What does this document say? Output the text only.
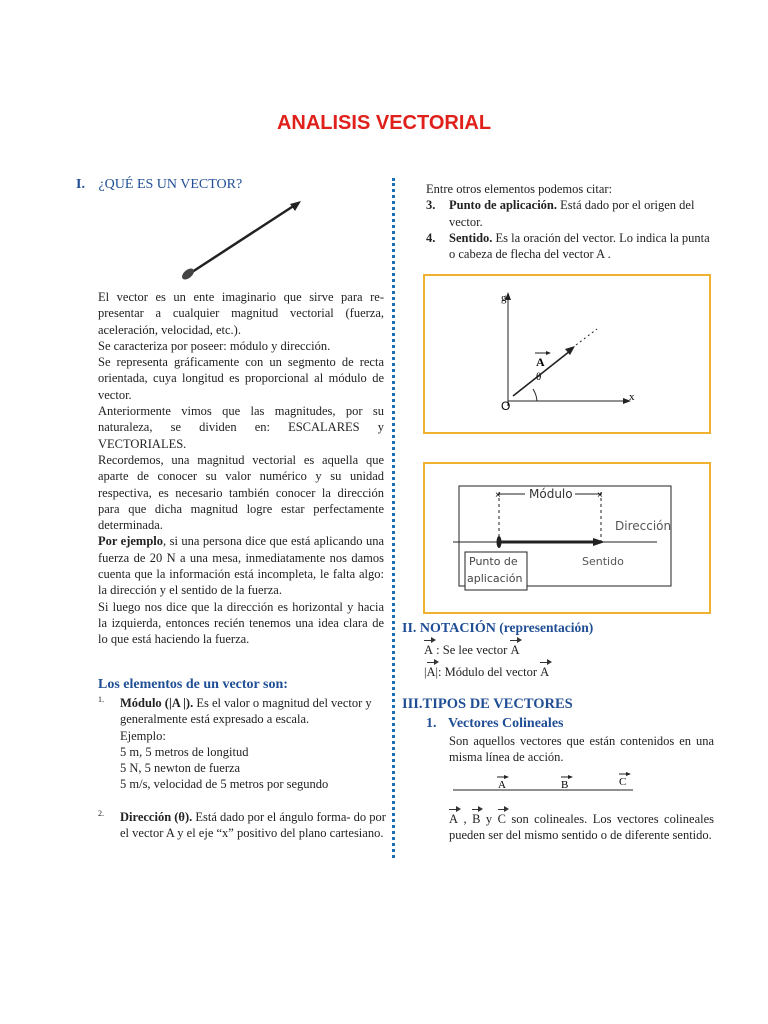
ANALISIS VECTORIAL
I. ¿QUÉ ES UN VECTOR?

El vector es un ente imaginario que sirve para re- presentar a cualquier magnitud vectorial (fuerza, aceleración, velocidad, etc.).

Se caracteriza por poseer: módulo y dirección.

Se representa gráficamente con un segmento de recta orientada, cuya longitud es proporcional al módulo de vector.

Anteriormente vimos que las magnitudes, por su naturaleza, se dividen en: ESCALARES y VECTORIALES.

Recordemos, una magnitud vectorial es aquella que aparte de conocer su valor numérico y su unidad respectiva, es necesario también conocer la dirección para que dicha magnitud logre estar perfectamente determinada.

Por ejemplo, si una persona dice que está aplicando una fuerza de 20 N a una mesa, inmediatamente nos damos cuenta que la información está incompleta, le falta algo: la dirección y el sentido de la fuerza.

Si luego nos dice que la dirección es horizontal y hacia la izquierda, entonces recién tenemos una idea clara de lo que está haciendo la fuerza.

Los elementos de un vector son:
1. Módulo (|A |). Es el valor o magnitud del vector y generalmente está expresado a escala.
Ejemplo:
5 m, 5 metros de longitud
5 N, 5 newton de fuerza
5 m/s, velocidad de 5 metros por segundo
2. Dirección (θ). Está dado por el ángulo forma- do por el vector A y el eje “x” positivo del plano cartesiano.
Entre otros elementos podemos citar:
3. Punto de aplicación. Está dado por el origen del vector.
4. Sentido. Es la oración del vector. Lo indica la punta o cabeza de flecha del vector A .
g
x
A
θ
O
×	×
Módulo
Dirección
Sentido
Punto de
aplicación
II. NOTACIÓN (representación)
A : Se lee vector A
|A|: Módulo del vector A
III.TIPOS DE VECTORES
1. Vectores Colineales
Son aquellos vectores que están contenidos en una misma línea de acción.
A	B	C
A , B y C son colineales. Los vectores colineales pueden ser del mismo sentido o de diferente sentido.
